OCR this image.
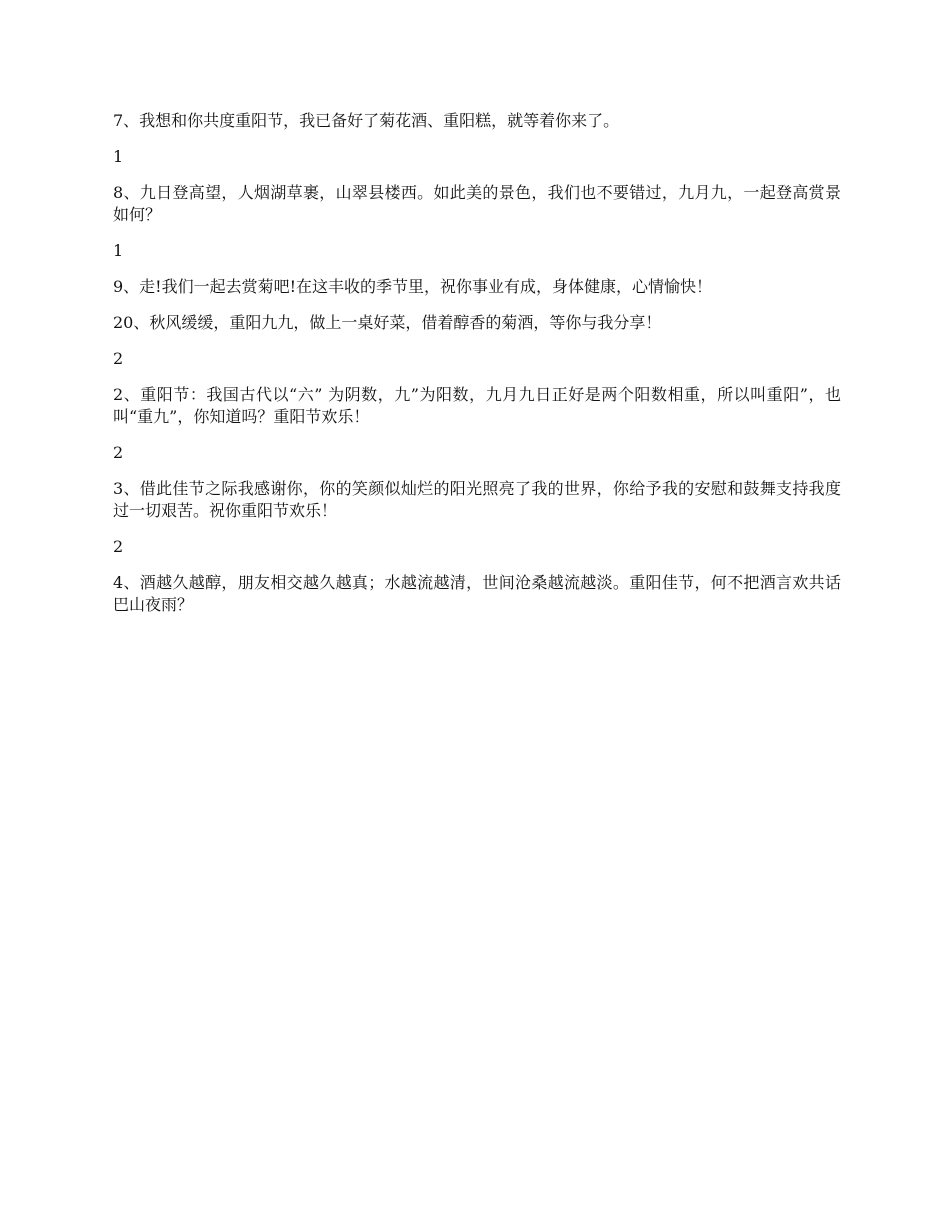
7、我想和你共度重阳节，我已备好了菊花酒、重阳糕，就等着你来了。

1

8、九日登高望，人烟湖草裹，山翠县楼西。如此美的景色，我们也不要错过，九月九，一起登高赏景如何？

1

9、走!我们一起去赏菊吧!在这丰收的季节里，祝你事业有成，身体健康，心情愉快！

20、秋风缓缓，重阳九九，做上一桌好菜，借着醇香的菊酒，等你与我分享！

2

2、重阳节：我国古代以“六” 为阴数，九”为阳数，九月九日正好是两个阳数相重，所以叫重阳”，也叫“重九”，你知道吗？重阳节欢乐！

2

3、借此佳节之际我感谢你，你的笑颜似灿烂的阳光照亮了我的世界，你给予我的安慰和鼓舞支持我度过一切艰苦。祝你重阳节欢乐！

2

4、酒越久越醇，朋友相交越久越真；水越流越清，世间沧桑越流越淡。重阳佳节，何不把酒言欢共话巴山夜雨？
